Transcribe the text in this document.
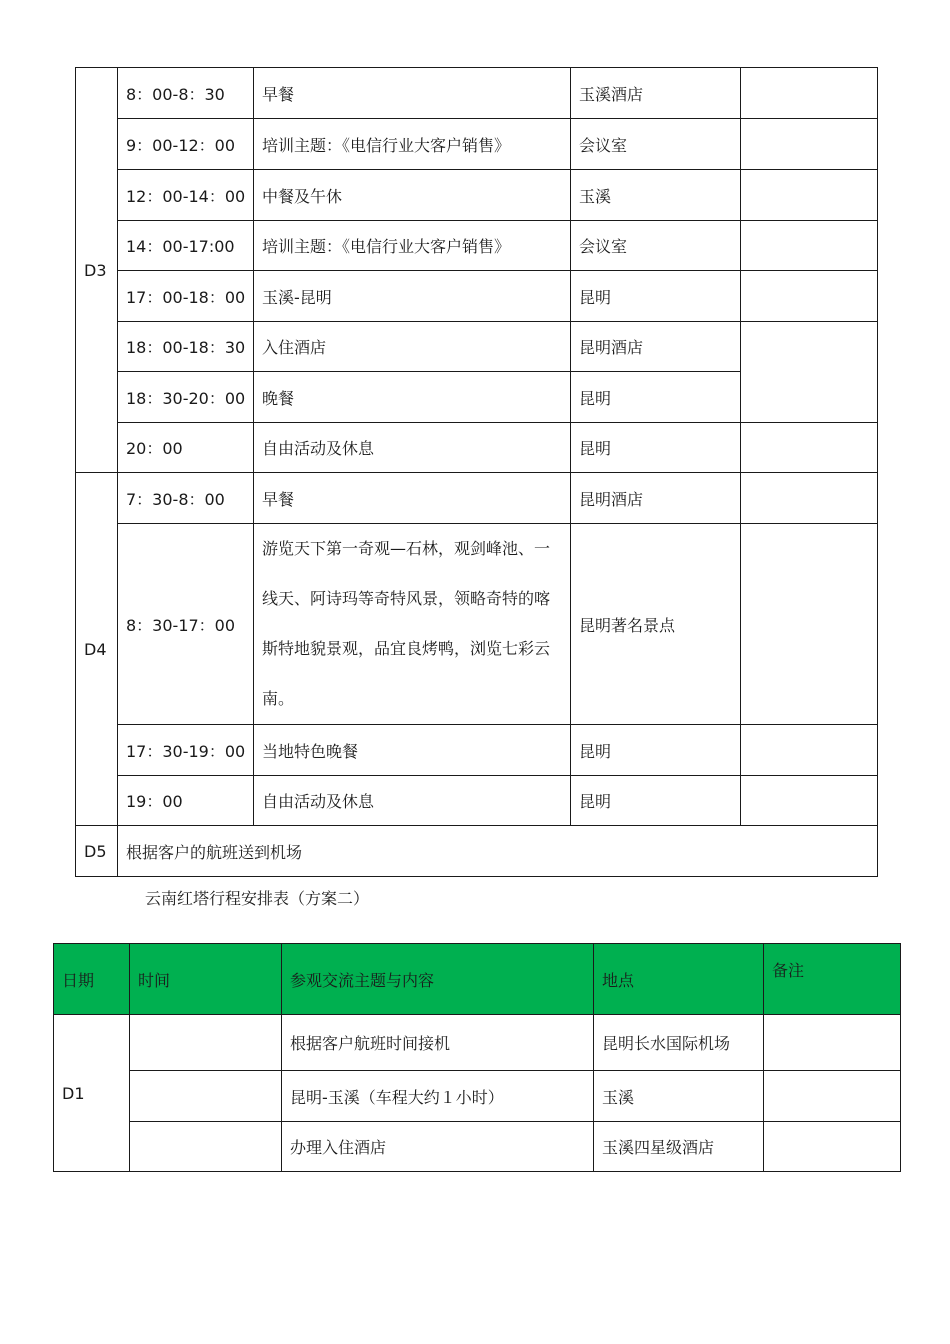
D3	8：00-8：30	早餐	玉溪酒店	
	9：00-12：00	培训主题：《电信行业大客户销售》	会议室	
	12：00-14：00	中餐及午休	玉溪	
	14：00-17:00	培训主题：《电信行业大客户销售》	会议室	
	17：00-18：00	玉溪-昆明	昆明	
	18：00-18：30	入住酒店	昆明酒店	
	18：30-20：00	晚餐	昆明	
	20：00	自由活动及休息	昆明	
D4	7：30-8：00	早餐	昆明酒店	
	8：30-17：00	游览天下第一奇观—石林，观剑峰池、一线天、阿诗玛等奇特风景，领略奇特的喀斯特地貌景观，品宜良烤鸭，浏览七彩云南。	昆明著名景点	
	17：30-19：00	当地特色晚餐	昆明	
	19：00	自由活动及休息	昆明	
D5	根据客户的航班送到机场			
云南红塔行程安排表（方案二）
日期	时间	参观交流主题与内容	地点	备注
D1		根据客户航班时间接机	昆明长水国际机场	
		昆明-玉溪（车程大约１小时）	玉溪	
		办理入住酒店	玉溪四星级酒店	
